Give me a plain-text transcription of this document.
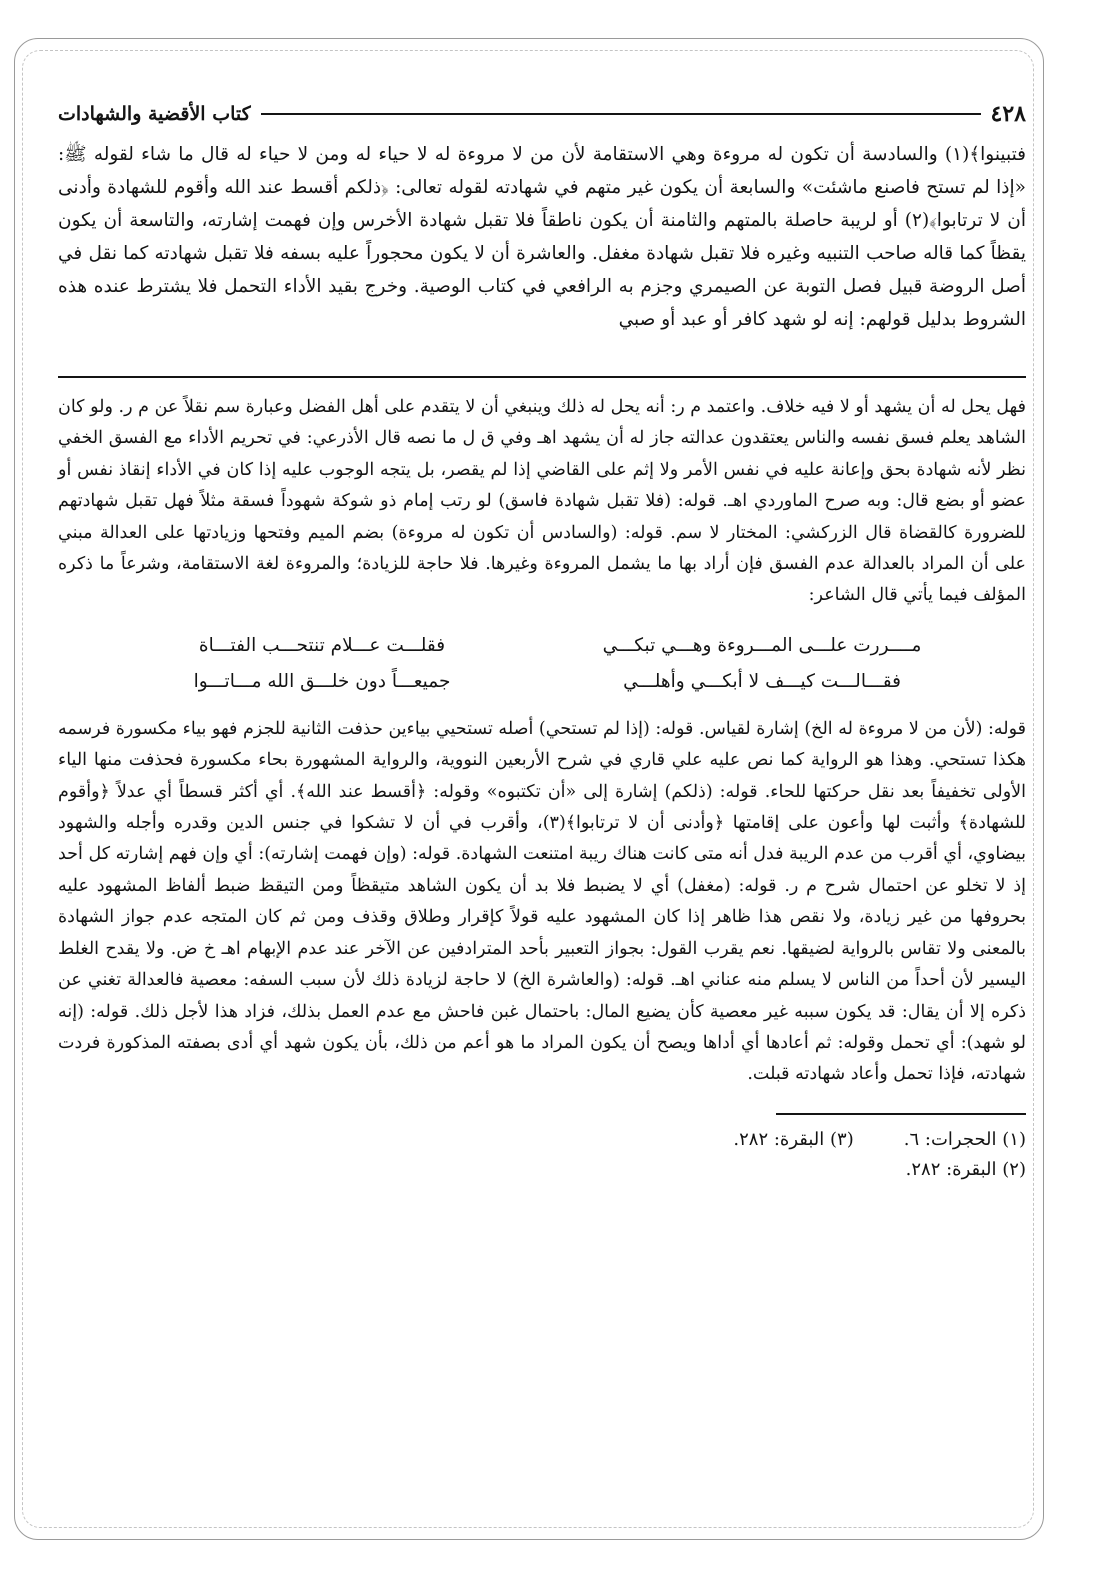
٤٢٨
كتاب الأقضية والشهادات
فتبينوا﴾(١) والسادسة أن تكون له مروءة وهي الاستقامة لأن من لا مروءة له لا حياء له ومن لا حياء له قال ما شاء لقوله ﷺ: «إذا لم تستح فاصنع ماشئت» والسابعة أن يكون غير متهم في شهادته لقوله تعالى: ﴿ذلكم أقسط عند الله وأقوم للشهادة وأدنى أن لا ترتابوا﴾(٢) أو لريبة حاصلة بالمتهم والثامنة أن يكون ناطقاً فلا تقبل شهادة الأخرس وإن فهمت إشارته، والتاسعة أن يكون يقظاً كما قاله صاحب التنبيه وغيره فلا تقبل شهادة مغفل. والعاشرة أن لا يكون محجوراً عليه بسفه فلا تقبل شهادته كما نقل في أصل الروضة قبيل فصل التوبة عن الصيمري وجزم به الرافعي في كتاب الوصية. وخرج بقيد الأداء التحمل فلا يشترط عنده هذه الشروط بدليل قولهم: إنه لو شهد كافر أو عبد أو صبي
فهل يحل له أن يشهد أو لا فيه خلاف. واعتمد م ر: أنه يحل له ذلك وينبغي أن لا يتقدم على أهل الفضل وعبارة سم نقلاً عن م ر. ولو كان الشاهد يعلم فسق نفسه والناس يعتقدون عدالته جاز له أن يشهد اهـ وفي ق ل ما نصه قال الأذرعي: في تحريم الأداء مع الفسق الخفي نظر لأنه شهادة بحق وإعانة عليه في نفس الأمر ولا إثم على القاضي إذا لم يقصر، بل يتجه الوجوب عليه إذا كان في الأداء إنقاذ نفس أو عضو أو بضع قال: وبه صرح الماوردي اهـ. قوله: (فلا تقبل شهادة فاسق) لو رتب إمام ذو شوكة شهوداً فسقة مثلاً فهل تقبل شهادتهم للضرورة كالقضاة قال الزركشي: المختار لا سم. قوله: (والسادس أن تكون له مروءة) بضم الميم وفتحها وزيادتها على العدالة مبني على أن المراد بالعدالة عدم الفسق فإن أراد بها ما يشمل المروءة وغيرها. فلا حاجة للزيادة؛ والمروءة لغة الاستقامة، وشرعاً ما ذكره المؤلف فيما يأتي قال الشاعر:
مــــررت علـــى المـــروءة وهـــي تبكـــي
فقلـــت عـــلام تنتحـــب الفتـــاة
فقـــالـــت كيـــف لا أبكـــي وأهلـــي
جميعـــاً دون خلـــق الله مـــاتـــوا
قوله: (لأن من لا مروءة له الخ) إشارة لقياس. قوله: (إذا لم تستحي) أصله تستحيي بياءين حذفت الثانية للجزم فهو بياء مكسورة فرسمه هكذا تستحي. وهذا هو الرواية كما نص عليه علي قاري في شرح الأربعين النووية، والرواية المشهورة بحاء مكسورة فحذفت منها الياء الأولى تخفيفاً بعد نقل حركتها للحاء. قوله: (ذلكم) إشارة إلى «أن تكتبوه» وقوله: ﴿أقسط عند الله﴾. أي أكثر قسطاً أي عدلاً ﴿وأقوم للشهادة﴾ وأثبت لها وأعون على إقامتها ﴿وأدنى أن لا ترتابوا﴾(٣)، وأقرب في أن لا تشكوا في جنس الدين وقدره وأجله والشهود بيضاوي، أي أقرب من عدم الريبة فدل أنه متى كانت هناك ريبة امتنعت الشهادة. قوله: (وإن فهمت إشارته): أي وإن فهم إشارته كل أحد إذ لا تخلو عن احتمال شرح م ر. قوله: (مغفل) أي لا يضبط فلا بد أن يكون الشاهد متيقظاً ومن التيقظ ضبط ألفاظ المشهود عليه بحروفها من غير زيادة، ولا نقص هذا ظاهر إذا كان المشهود عليه قولاً كإقرار وطلاق وقذف ومن ثم كان المتجه عدم جواز الشهادة بالمعنى ولا تقاس بالرواية لضيقها. نعم يقرب القول: بجواز التعبير بأحد المترادفين عن الآخر عند عدم الإبهام اهـ خ ض. ولا يقدح الغلط اليسير لأن أحداً من الناس لا يسلم منه عناني اهـ. قوله: (والعاشرة الخ) لا حاجة لزيادة ذلك لأن سبب السفه: معصية فالعدالة تغني عن ذكره إلا أن يقال: قد يكون سببه غير معصية كأن يضيع المال: باحتمال غبن فاحش مع عدم العمل بذلك، فزاد هذا لأجل ذلك. قوله: (إنه لو شهد): أي تحمل وقوله: ثم أعادها أي أداها ويصح أن يكون المراد ما هو أعم من ذلك، بأن يكون شهد أي أدى بصفته المذكورة فردت شهادته، فإذا تحمل وأعاد شهادته قبلت.
(١) الحجرات: ٦.
(٣) البقرة: ٢٨٢.
(٢) البقرة: ٢٨٢.
